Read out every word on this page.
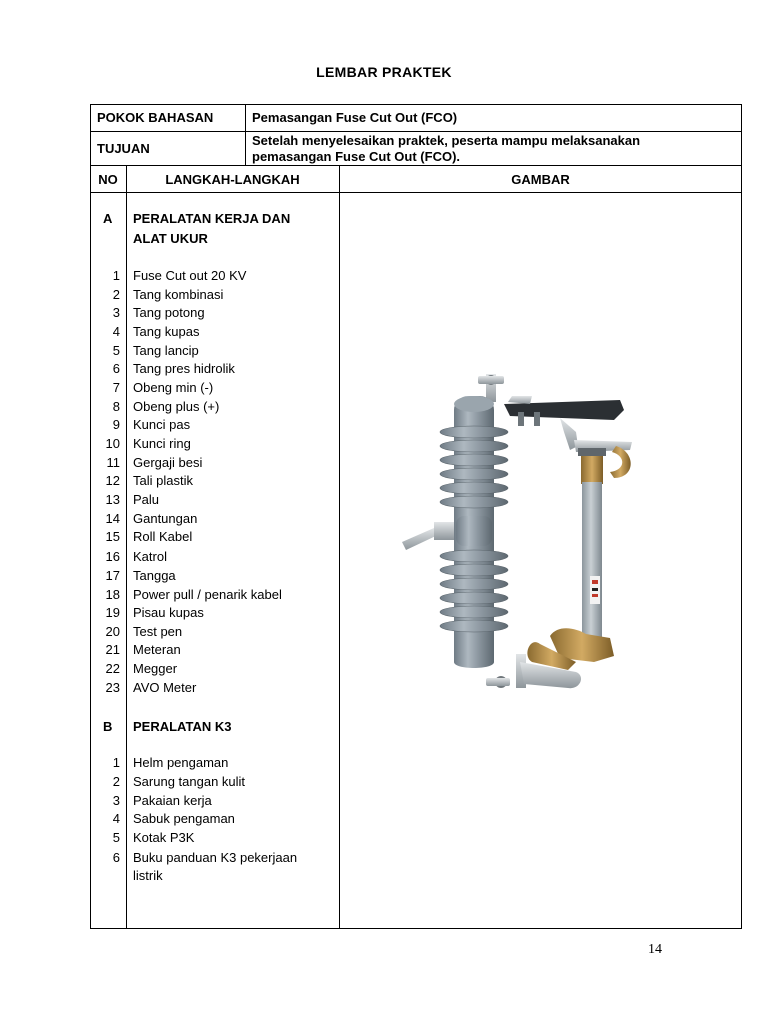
LEMBAR PRAKTEK
POKOK BAHASAN	Pemasangan Fuse Cut Out (FCO)
TUJUAN
Setelah menyelesaikan praktek, peserta mampu melaksanakan
pemasangan Fuse Cut Out (FCO).
NO	LANGKAH-LANGKAH	GAMBAR
A PERALATAN KERJA DAN
ALAT UKUR
1 Fuse Cut out 20 KV
2 Tang kombinasi
3 Tang potong
4 Tang kupas
5 Tang lancip
6 Tang pres hidrolik
7 Obeng min (-)
8 Obeng plus (+)
9 Kunci pas
10 Kunci ring
11 Gergaji besi
12 Tali plastik
13 Palu
14 Gantungan
15 Roll Kabel
16 Katrol
17 Tangga
18 Power pull / penarik kabel
19 Pisau kupas
20 Test pen
21 Meteran
22 Megger
23 AVO Meter
B PERALATAN K3
1 Helm pengaman
2 Sarung tangan kulit
3 Pakaian kerja
4 Sabuk pengaman
5 Kotak P3K
6 Buku panduan K3 pekerjaan
listrik
14
